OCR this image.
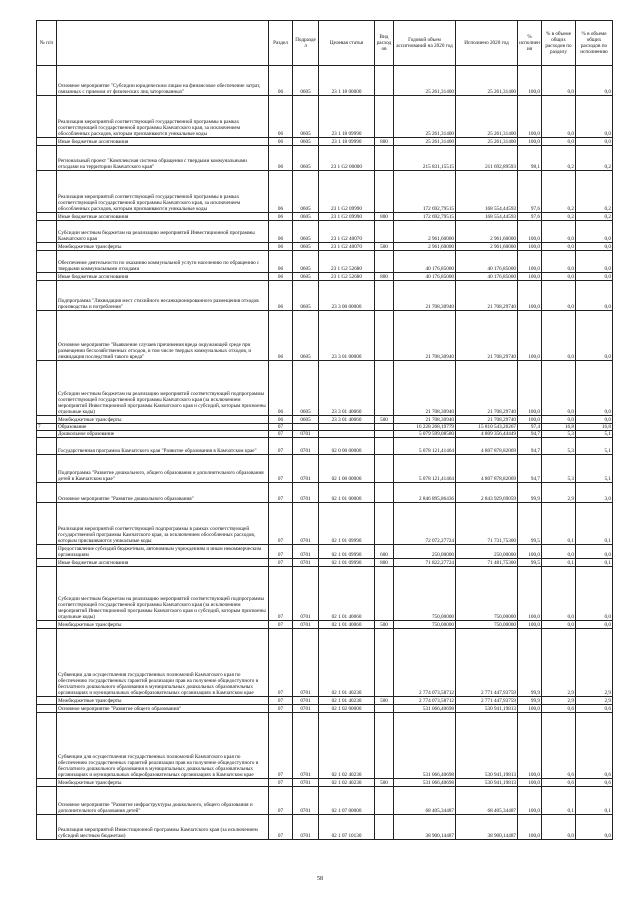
№ п/п		Раздел	Подраздел	Целевая статья	Вид расходов	Годовой объем ассигнований на 2020 год	Исполнено 2020 год	% исполнения	% в объеме общих расходов по разделу	% в объеме общих расходов по исполнению
	Основное мероприятие "Субсидии юридическим лицам на финансовое обеспечение затрат, связанных с приемом от физических лиц заторгованных"	06	0605	23 1 18 00000		25 261,31400	25 261,31400	100,0	0,0	0,0
	Реализация мероприятий соответствующей государственной программы в рамках соответствующей государственной программы Камчатского края, за исключением обособленных расходов, которым присваиваются уникальные коды	06	0605	23 1 18 09990		25 261,31400	25 261,31400	100,0	0,0	0,0
	Иные бюджетные ассигнования	06	0605	23 1 18 09990	800	25 261,31400	25 261,31400	100,0	0,0	0,0
	Региональный проект "Комплексная система обращения с твердыми коммунальными отходами на территории Камчатского края"	06	0605	23 1 G2 00000		215 831,15515	211 692,89593	98,1	0,2	0,2
	Реализация мероприятий соответствующей государственной программы в рамках соответствующей государственной программы Камчатского края, за исключением обособленных расходов, которым присваиваются уникальные коды	06	0605	23 1 G2 09990		172 692,79515	168 554,44593	97,6	0,2	0,2
	Иные бюджетные ассигнования	06	0605	23 1 G2 09990	800	172 692,79515	168 554,44593	97,6	0,2	0,2
	Субсидии местным бюджетам на реализацию мероприятий Инвестиционной программы Камчатского края	06	0605	23 1 G2 40070		2 961,60000	2 961,60000	100,0	0,0	0,0
	Межбюджетные трансферты	06	0605	23 1 G2 40070	500	2 961,60000	2 961,60000	100,0	0,0	0,0
	Обеспечение деятельности по оказанию коммунальной услуги населению по обращению с твердыми коммунальными отходами	06	0605	23 1 G2 52680		40 176,85000	40 176,85000	100,0	0,0	0,0
	Иные бюджетные ассигнования	06	0605	23 1 G2 52680	800	40 176,85000	40 176,85000	100,0	0,0	0,0
	Подпрограмма "Ликвидация мест стихийного несанкционированного размещения отходов производства и потребления"	06	0605	23 3 00 00000		21 708,30940	21 708,29740	100,0	0,0	0,0
	Основное мероприятие "Выявление случаев причинения вреда окружающей среде при размещении бесхозяйственных отходов, в том числе твердых коммунальных отходов, и ликвидация последствий такого вреда"	06	0605	23 3 01 00000		21 708,30940	21 708,29740	100,0	0,0	0,0
	Субсидии местным бюджетам на реализацию мероприятий соответствующей подпрограммы соответствующей государственной программы Камчатского края (за исключением мероприятий Инвестиционной программы Камчатского края и субсидий, которым присвоены отдельные коды)	06	0605	23 3 01 40060		21 708,30940	21 708,29740	100,0	0,0	0,0
	Межбюджетные трансферты	06	0605	23 3 01 40060	500	21 708,30940	21 708,29740	100,0	0,0	0,0
7	Образование	07				16 228 268,19779	15 810 543,26267	97,4	16,8	16,8
	Дошкольное образование	07	0701			5 079 599,08580	4 809 356,44449	94,7	5,3	5,1
	Государственная программа Камчатского края "Развитие образования в Камчатском крае"	07	0701	02 0 00 00000		5 078 121,41464	4 807 878,82069	94,7	5,3	5,1
	Подпрограмма "Развитие дошкольного, общего образования и дополнительного образования детей в Камчатском крае"	07	0701	02 1 00 00000		5 078 121,41464	4 807 878,82069	94,7	5,3	5,1
	Основное мероприятие "Развитие дошкольного образования"	07	0701	02 1 01 00000		2 846 895,86436	2 843 929,69059	99,9	2,9	3,0
	Реализация мероприятий соответствующей подпрограммы в рамках соответствующей государственной программы Камчатского края, за исключением обособленных расходов, которым присваиваются уникальные коды	07	0701	02 1 01 09990		72 072,27724	71 731,75300	99,5	0,1	0,1
	Предоставление субсидий бюджетным, автономным учреждениям и иным некоммерческим организациям	07	0701	02 1 01 09990	600	250,00000	250,00000	100,0	0,0	0,0
	Иные бюджетные ассигнования	07	0701	02 1 01 09990	800	71 822,27724	71 481,75300	99,5	0,1	0,1
	Субсидии местным бюджетам на реализацию мероприятий соответствующей подпрограммы соответствующей государственной программы Камчатского края (за исключением мероприятий Инвестиционной программы Камчатского края и субсидий, которым присвоены отдельные коды)	07	0701	02 1 01 40060		750,00000	750,00000	100,0	0,0	0,0
	Межбюджетные трансферты	07	0701	02 1 01 40060	500	750,00000	750,00000	100,0	0,0	0,0
	Субвенции для осуществления государственных полномочий Камчатского края по обеспечению государственных гарантий реализации прав на получение общедоступного и бесплатного дошкольного образования в муниципальных дошкольных образовательных организациях и муниципальных общеобразовательных организациях в Камчатском крае	07	0701	02 1 01 40230		2 774 073,58712	2 771 447,93759	99,9	2,9	2,9
	Межбюджетные трансферты	07	0701	02 1 01 40230	500	2 774 073,58712	2 771 447,93759	99,9	2,9	2,9
	Основное мероприятие "Развитие общего образования"	07	0701	02 1 02 00000		531 066,40698	530 941,19813	100,0	0,6	0,6
	Субвенции для осуществления государственных полномочий Камчатского края по обеспечению государственных гарантий реализации прав на получение общедоступного и бесплатного дошкольного образования в муниципальных дошкольных образовательных организациях и муниципальных общеобразовательных организациях в Камчатском крае	07	0701	02 1 02 40230		531 066,40698	530 941,19813	100,0	0,6	0,6
	Межбюджетные трансферты	07	0701	02 1 02 40230	500	531 066,40698	530 941,19813	100,0	0,6	0,6
	Основное мероприятие "Развитие инфраструктуры дошкольного, общего образования и дополнительного образования детей"	07	0701	02 1 07 00000		68 405,34487	68 405,34487	100,0	0,1	0,1
	Реализация мероприятий Инвестиционной программы Камчатского края (за исключением субсидий местным бюджетам)	07	0701	02 1 07 10130		38 900,14487	38 900,14487	100,0	0,0	0,0
58
